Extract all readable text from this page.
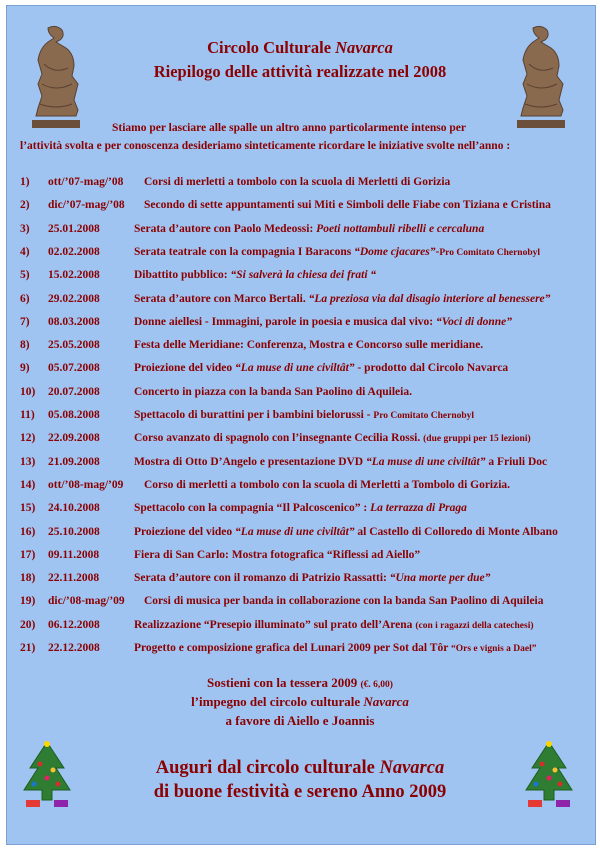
Circolo Culturale Navarca
Riepilogo delle attività realizzate nel 2008
Stiamo per lasciare alle spalle un altro anno particolarmente intenso per
l’attività svolta e per conoscenza desideriamo sinteticamente ricordare le iniziative svolte nell’anno :
1) ott/’07-mag/’08 Corsi di merletti a tombolo con la scuola di Merletti di Gorizia
2) dic/’07-mag/’08 Secondo di sette appuntamenti sui Miti e Simboli delle Fiabe con Tiziana e Cristina
3) 25.01.2008	Serata d’autore con Paolo Medeossi: Poeti nottambuli ribelli e cercaluna
4) 02.02.2008	Serata teatrale con la compagnia I Baracons “Dome cjacares”-Pro Comitato Chernobyl
5) 15.02.2008	Dibattito pubblico: “Si salverà la chiesa dei frati “
6) 29.02.2008	Serata d’autore con Marco Bertali. “La preziosa via dal disagio interiore al benessere”
7) 08.03.2008	Donne aiellesi - Immagini, parole in poesia e musica dal vivo: “Voci di donne”
8) 25.05.2008	Festa delle Meridiane: Conferenza, Mostra e Concorso sulle meridiane.
9) 05.07.2008	Proiezione del video “La muse di une civiltât” - prodotto dal Circolo Navarca
10) 20.07.2008	Concerto in piazza con la banda San Paolino di Aquileia.
11) 05.08.2008	Spettacolo di burattini per i bambini bielorussi - Pro Comitato Chernobyl
12) 22.09.2008	Corso avanzato di spagnolo con l’insegnante Cecilia Rossi. (due gruppi per 15 lezioni)
13) 21.09.2008	Mostra di Otto D’Angelo e presentazione DVD “La muse di une civiltât” a Friuli Doc
14) ott/’08-mag/’09 Corso di merletti a tombolo con la scuola di Merletti a Tombolo di Gorizia.
15) 24.10.2008	Spettacolo con la compagnia “Il Palcoscenico” : La terrazza di Praga
16) 25.10.2008	Proiezione del video “La muse di une civiltât” al Castello di Colloredo di Monte Albano
17) 09.11.2008	Fiera di San Carlo: Mostra fotografica “Riflessi ad Aiello”
18) 22.11.2008	Serata d’autore con il romanzo di Patrizio Rassatti: “Una morte per due”
19) dic/’08-mag/’09 Corsi di musica per banda in collaborazione con la banda San Paolino di Aquileia
20) 06.12.2008	Realizzazione “Presepio illuminato” sul prato dell’Arena (con i ragazzi della catechesi)
21) 22.12.2008	Progetto e composizione grafica del Lunari 2009 per Sot dal Tôr “Ors e vignis a Dael”
Sostieni con la tessera 2009 (€. 6,00)
l’impegno del circolo culturale Navarca
a favore di Aiello e Joannis
Auguri dal circolo culturale Navarca
di buone festività e sereno Anno 2009
